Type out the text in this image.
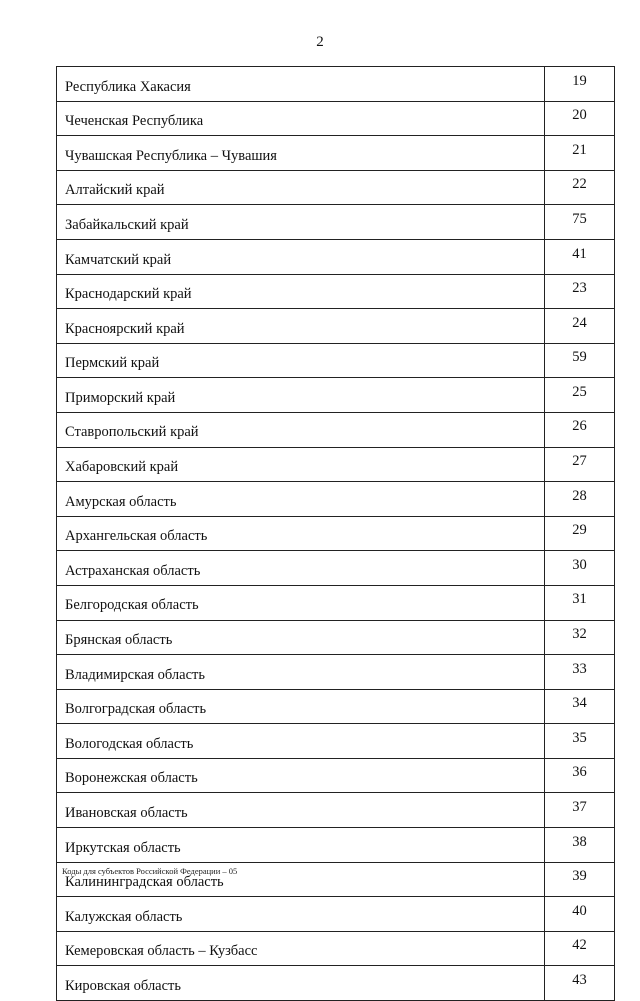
2
Республика Хакасия	19
Чеченская Республика	20
Чувашская Республика – Чувашия	21
Алтайский край	22
Забайкальский край	75
Камчатский край	41
Краснодарский край	23
Красноярский край	24
Пермский край	59
Приморский край	25
Ставропольский край	26
Хабаровский край	27
Амурская область	28
Архангельская область	29
Астраханская область	30
Белгородская область	31
Брянская область	32
Владимирская область	33
Волгоградская область	34
Вологодская область	35
Воронежская область	36
Ивановская область	37
Иркутская область	38
Калининградская область	39
Калужская область	40
Кемеровская область – Кузбасс	42
Кировская область	43
Коды для субъектов Российской Федерации – 05
